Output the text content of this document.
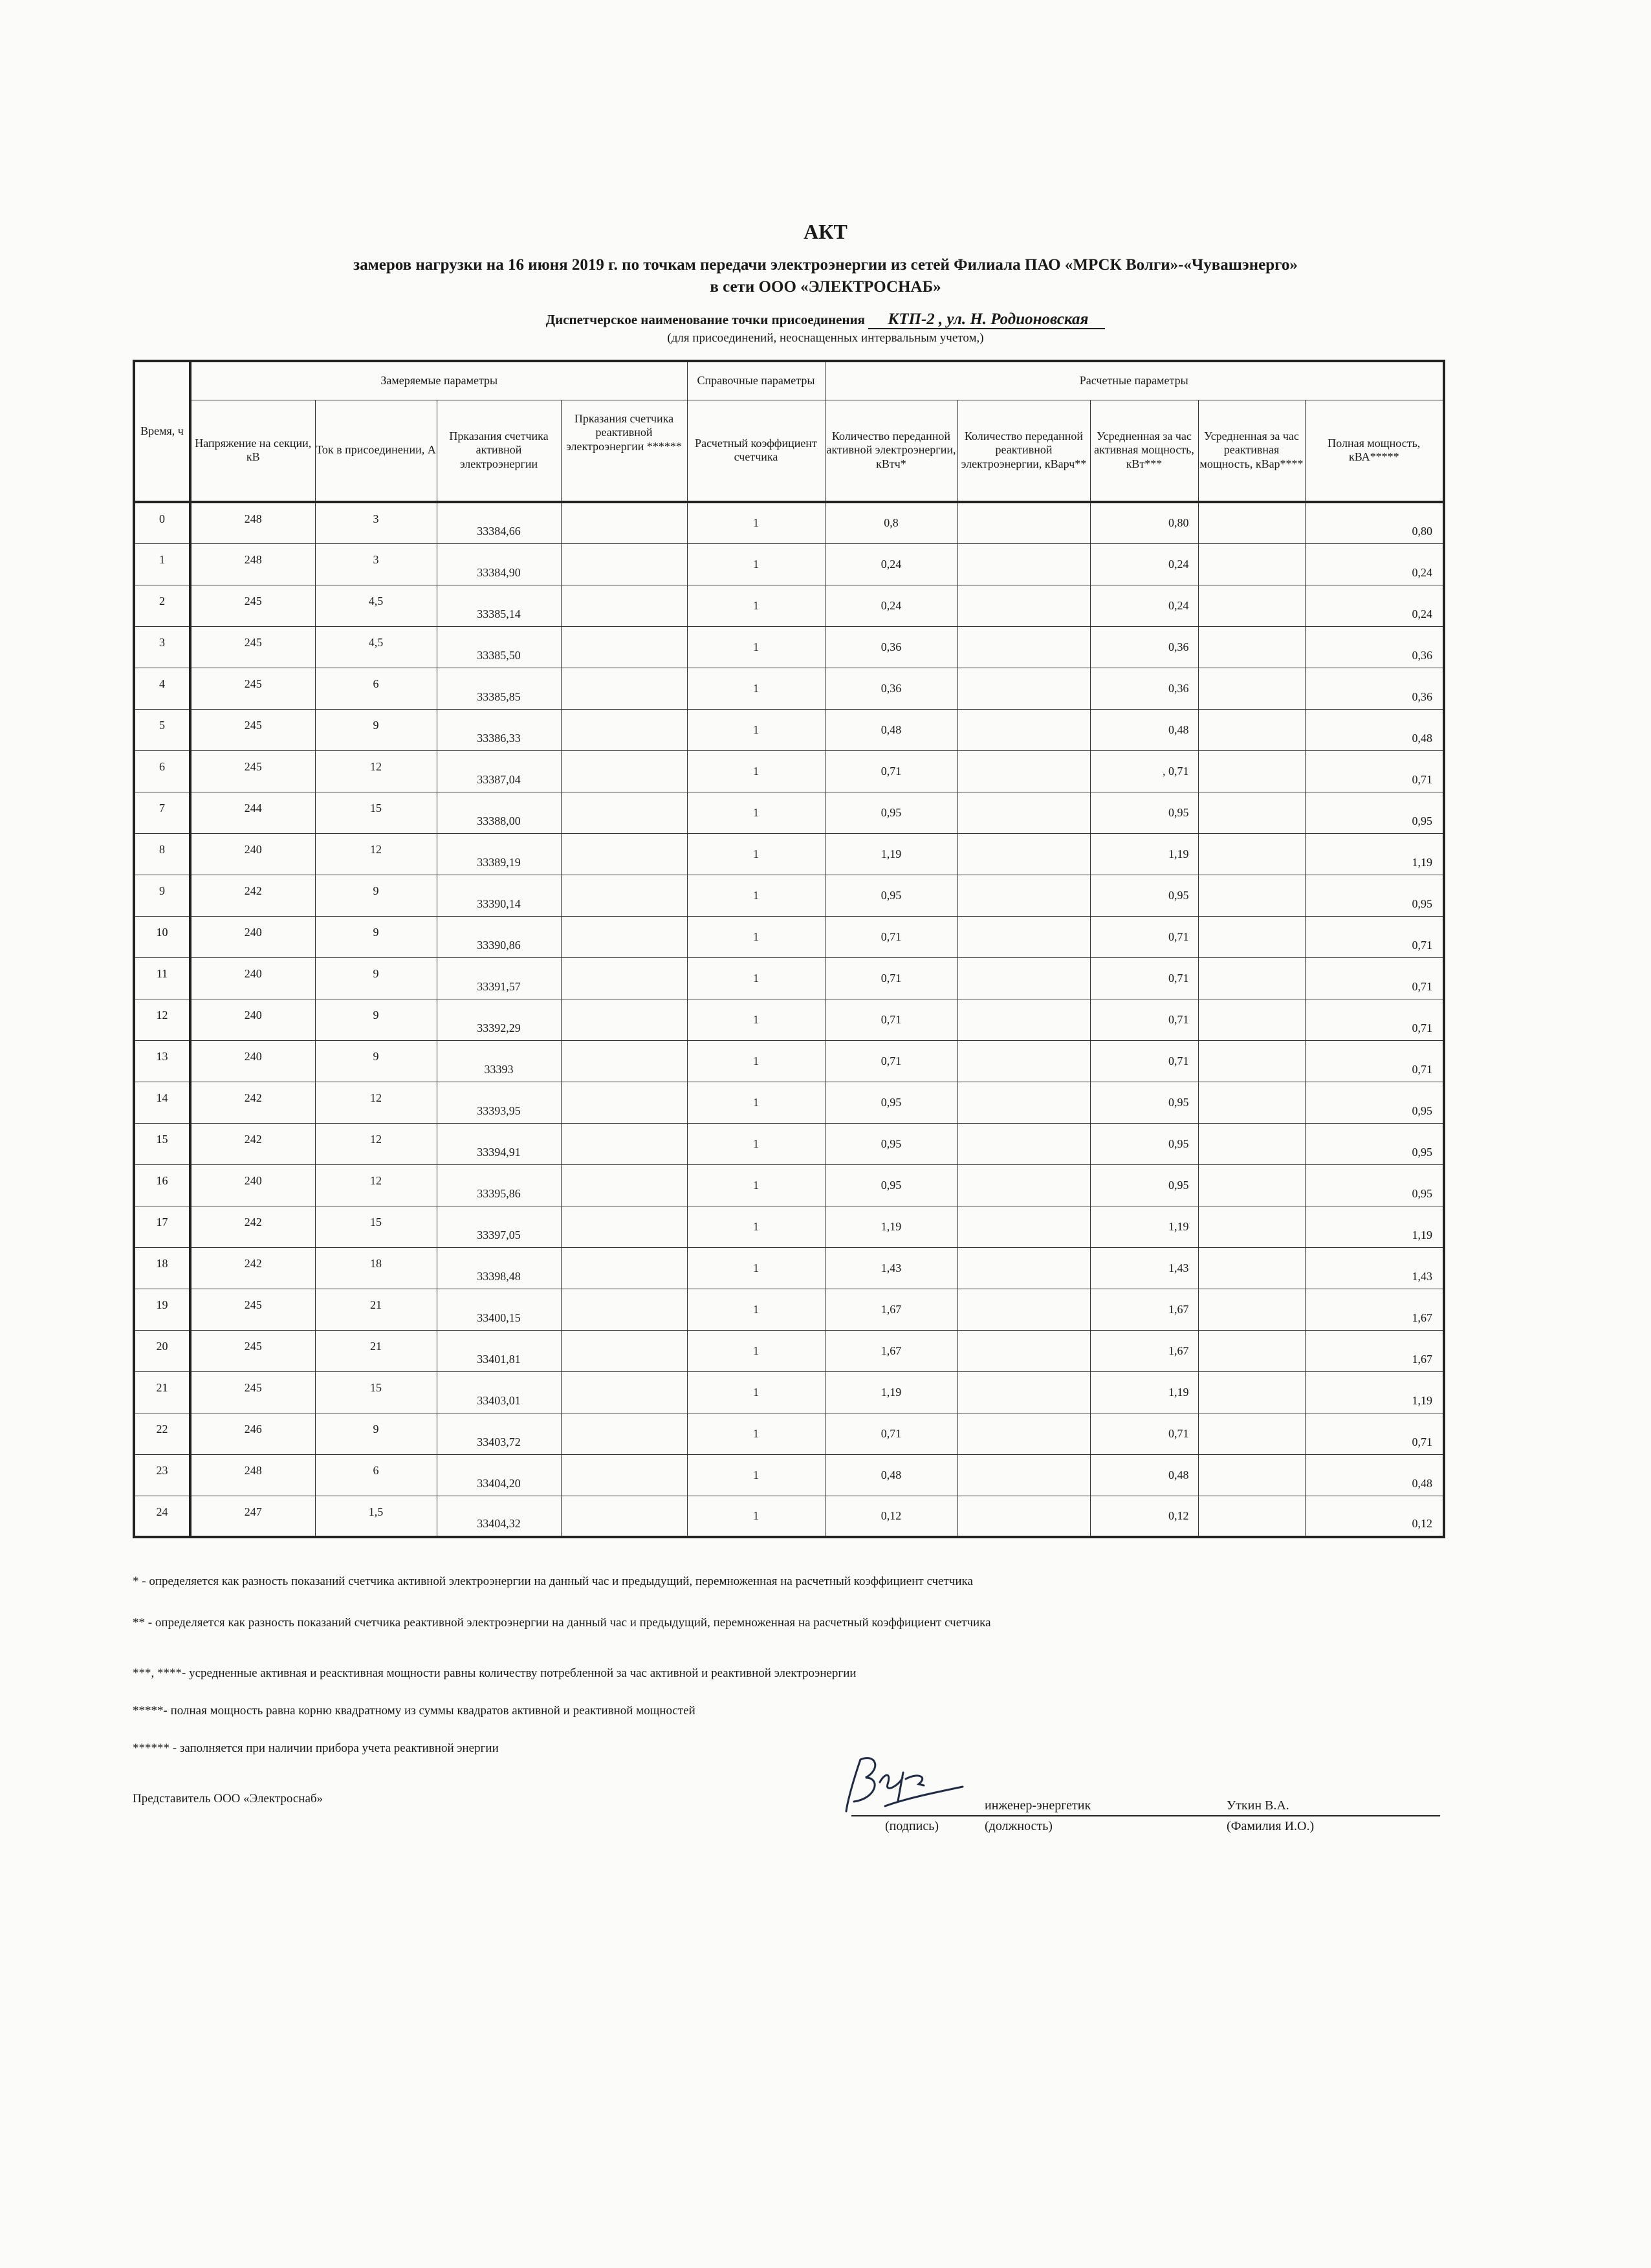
АКТ
замеров нагрузки на 16 июня 2019 г. по точкам передачи электроэнергии из сетей Филиала ПАО «МРСК Волги»-«Чувашэнерго»
в сети ООО «ЭЛЕКТРОСНАБ»
Диспетчерское наименование точки присоединения КТП-2 , ул. Н. Родионовская
(для присоединений, неоснащенных интервальным учетом,)
Время, ч	Замеряемые параметры				Справочные параметры	Расчетные параметры				
	Напряжение на секции, кВ	Ток в присоединении, А	Прказания счетчика активной электроэнергии	Прказания счетчика реактивной электроэнергии ******	Расчетный коэффициент счетчика	Количество переданной активной электроэнергии, кВтч*	Количество переданной реактивной электроэнергии, кВарч**	Усредненная за час активная мощность, кВт***	Усредненная за час реактивная мощность, кВар****	Полная мощность, кВА*****
0	248	3	33384,66		1	0,8		0,80		0,80
1	248	3	33384,90		1	0,24		0,24		0,24
2	245	4,5	33385,14		1	0,24		0,24		0,24
3	245	4,5	33385,50		1	0,36		0,36		0,36
4	245	6	33385,85		1	0,36		0,36		0,36
5	245	9	33386,33		1	0,48		0,48		0,48
6	245	12	33387,04		1	0,71		, 0,71		0,71
7	244	15	33388,00		1	0,95		0,95		0,95
8	240	12	33389,19		1	1,19		1,19		1,19
9	242	9	33390,14		1	0,95		0,95		0,95
10	240	9	33390,86		1	0,71		0,71		0,71
11	240	9	33391,57		1	0,71		0,71		0,71
12	240	9	33392,29		1	0,71		0,71		0,71
13	240	9	33393		1	0,71		0,71		0,71
14	242	12	33393,95		1	0,95		0,95		0,95
15	242	12	33394,91		1	0,95		0,95		0,95
16	240	12	33395,86		1	0,95		0,95		0,95
17	242	15	33397,05		1	1,19		1,19		1,19
18	242	18	33398,48		1	1,43		1,43		1,43
19	245	21	33400,15		1	1,67		1,67		1,67
20	245	21	33401,81		1	1,67		1,67		1,67
21	245	15	33403,01		1	1,19		1,19		1,19
22	246	9	33403,72		1	0,71		0,71		0,71
23	248	6	33404,20		1	0,48		0,48		0,48
24	247	1,5	33404,32		1	0,12		0,12		0,12
* - определяется как разность показаний счетчика активной электроэнергии на данный час и предыдущий, перемноженная на расчетный коэффициент счетчика
** - определяется как разность показаний счетчика реактивной электроэнергии на данный час и предыдущий, перемноженная на расчетный коэффициент счетчика
***, ****- усредненные активная и реасктивная мощности равны количеству потребленной за час активной и реактивной электроэнергии
*****- полная мощность равна корню квадратному из суммы квадратов активной и реактивной мощностей
****** - заполняется при наличии прибора учета реактивной энергии
Представитель ООО «Электроснаб»	инженер-энергетик	Уткин В.А.
(подпись)	(должность)	(Фамилия И.О.)
